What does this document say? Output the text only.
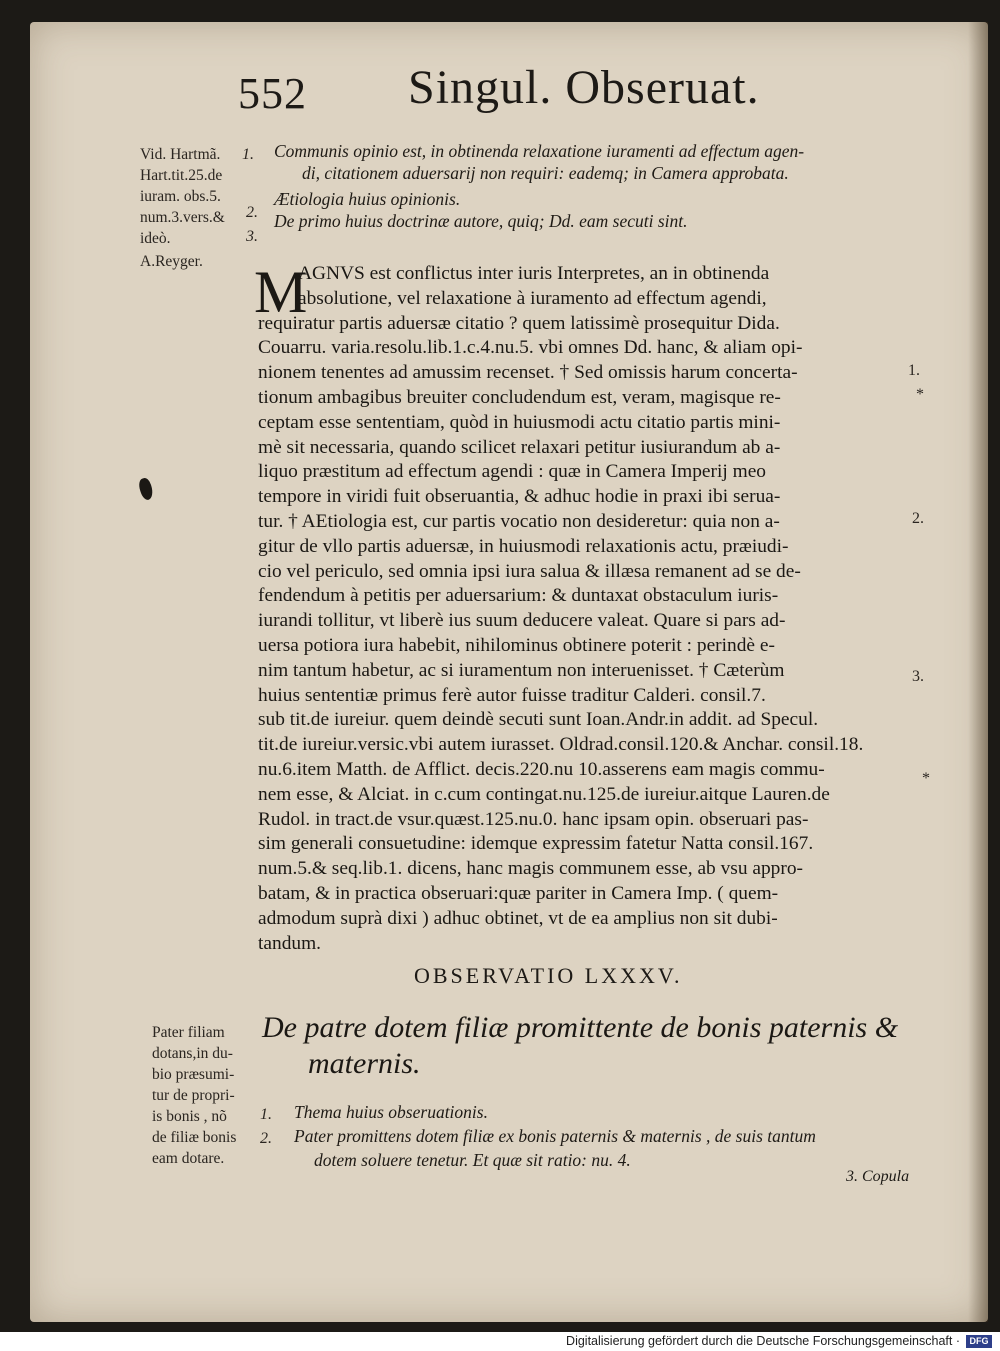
552 Singul. Obseruat.
Vid. Hartmã.
Hart.tit.25.de
iuram. obs.5.
num.3.vers.&
ideò.
A.Reyger.
1.
2.
3.
Communis opinio est, in obtinenda relaxatione iuramenti ad effectum agen-
di, citationem aduersarij non requiri: eademq; in Camera approbata.
Ætiologia huius opinionis.
De primo huius doctrinæ autore, quiq; Dd. eam secuti sint.
M
AGNVS est conflictus inter iuris Interpretes, an in obtinenda
absolutione, vel relaxatione à iuramento ad effectum agendi,
requiratur partis aduersæ citatio ? quem latissimè prosequitur Dida.
Couarru. varia.resolu.lib.1.c.4.nu.5. vbi omnes Dd. hanc, & aliam opi-
nionem tenentes ad amussim recenset. † Sed omissis harum concerta-
tionum ambagibus breuiter concludendum est, veram, magisque re-
ceptam esse sententiam, quòd in huiusmodi actu citatio partis mini-
mè sit necessaria, quando scilicet relaxari petitur iusiurandum ab a-
liquo præstitum ad effectum agendi : quæ in Camera Imperij meo
tempore in viridi fuit obseruantia, & adhuc hodie in praxi ibi serua-
tur. † AEtiologia est, cur partis vocatio non desideretur: quia non a-
gitur de vllo partis aduersæ, in huiusmodi relaxationis actu, præiudi-
cio vel periculo, sed omnia ipsi iura salua & illæsa remanent ad se de-
fendendum à petitis per aduersarium: & duntaxat obstaculum iuris-
iurandi tollitur, vt liberè ius suum deducere valeat. Quare si pars ad-
uersa potiora iura habebit, nihilominus obtinere poterit : perindè e-
nim tantum habetur, ac si iuramentum non interuenisset. † Cæterùm
huius sententiæ primus ferè autor fuisse traditur Calderi. consil.7.
sub tit.de iureiur. quem deindè secuti sunt Ioan.Andr.in addit. ad Specul.
tit.de iureiur.versic.vbi autem iurasset. Oldrad.consil.120.& Anchar. consil.18.
nu.6.item Matth. de Afflict. decis.220.nu 10.asserens eam magis commu-
nem esse, & Alciat. in c.cum contingat.nu.125.de iureiur.aitque Lauren.de
Rudol. in tract.de vsur.quæst.125.nu.0. hanc ipsam opin. obseruari pas-
sim generali consuetudine: idemque expressim fatetur Natta consil.167.
num.5.& seq.lib.1. dicens, hanc magis communem esse, ab vsu appro-
batam, & in practica obseruari:quæ pariter in Camera Imp. ( quem-
admodum suprà dixi ) adhuc obtinet, vt de ea amplius non sit dubi-
tandum.
1.
*
2.
3.
*
OBSERVATIO LXXXV.
De patre dotem filiæ promittente de bonis paternis &
maternis.
Pater filiam
dotans,in du-
bio præsumi-
tur de propri-
is bonis , nõ
de filiæ bonis
eam dotare.
1.
2.
Thema huius obseruationis.
Pater promittens dotem filiæ ex bonis paternis & maternis , de suis tantum
dotem soluere tenetur. Et quæ sit ratio: nu. 4.
3. Copula
Digitalisierung gefördert durch die Deutsche Forschungsgemeinschaft ·	DFG
